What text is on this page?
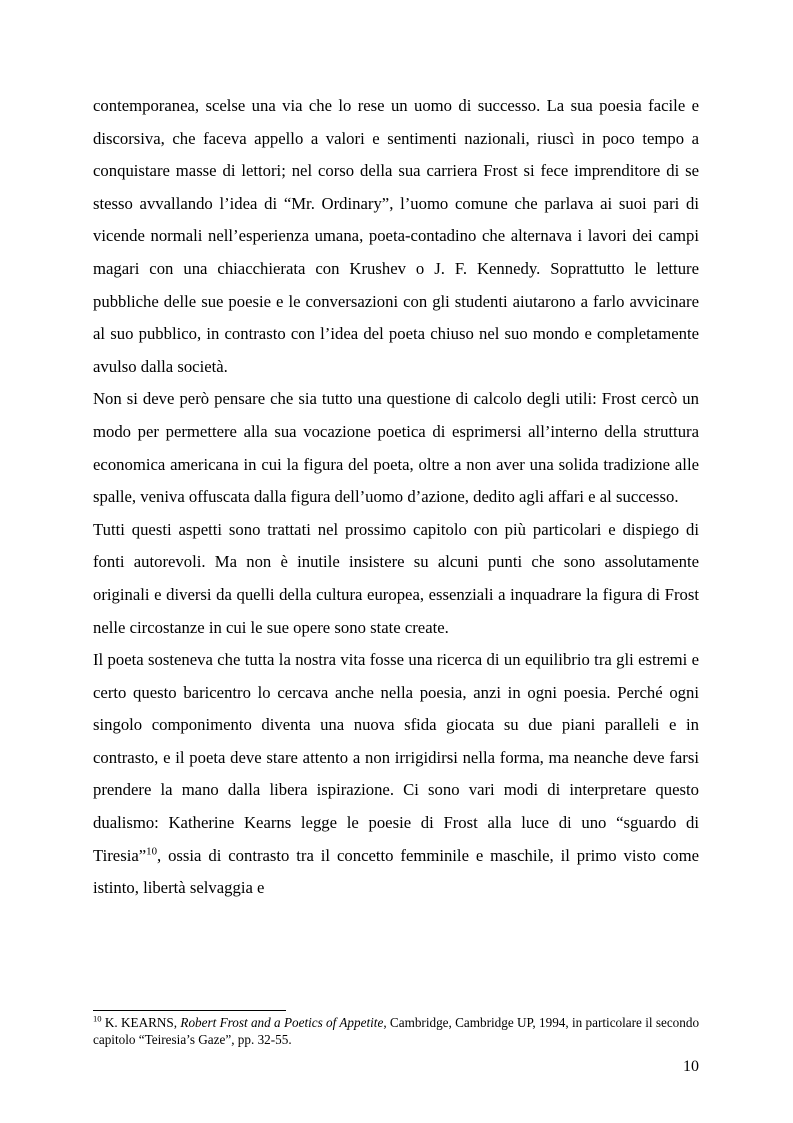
contemporanea, scelse una via che lo rese un uomo di successo. La sua poesia facile e discorsiva, che faceva appello a valori e sentimenti nazionali, riuscì in poco tempo a conquistare masse di lettori; nel corso della sua carriera Frost si fece imprenditore di se stesso avvallando l’idea di “Mr. Ordinary”, l’uomo comune che parlava ai suoi pari di vicende normali nell’esperienza umana, poeta-contadino che alternava i lavori dei campi magari con una chiacchierata con Krushev o J. F. Kennedy. Soprattutto le letture pubbliche delle sue poesie e le conversazioni con gli studenti aiutarono a farlo avvicinare al suo pubblico, in contrasto con l’idea del poeta chiuso nel suo mondo e completamente avulso dalla società.

Non si deve però pensare che sia tutto una questione di calcolo degli utili: Frost cercò un modo per permettere alla sua vocazione poetica di esprimersi all’interno della struttura economica americana in cui la figura del poeta, oltre a non aver una solida tradizione alle spalle, veniva offuscata dalla figura dell’uomo d’azione, dedito agli affari e al successo.

Tutti questi aspetti sono trattati nel prossimo capitolo con più particolari e dispiego di fonti autorevoli. Ma non è inutile insistere su alcuni punti che sono assolutamente originali e diversi da quelli della cultura europea, essenziali a inquadrare la figura di Frost nelle circostanze in cui le sue opere sono state create.

Il poeta sosteneva che tutta la nostra vita fosse una ricerca di un equilibrio tra gli estremi e certo questo baricentro lo cercava anche nella poesia, anzi in ogni poesia. Perché ogni singolo componimento diventa una nuova sfida giocata su due piani paralleli e in contrasto, e il poeta deve stare attento a non irrigidirsi nella forma, ma neanche deve farsi prendere la mano dalla libera ispirazione. Ci sono vari modi di interpretare questo dualismo: Katherine Kearns legge le poesie di Frost alla luce di uno “sguardo di Tiresia”$^{10}$, ossia di contrasto tra il concetto femminile e maschile, il primo visto come istinto, libertà selvaggia e

$^{10}$ K. KEARNS, Robert Frost and a Poetics of Appetite, Cambridge, Cambridge UP, 1994, in particolare il secondo capitolo “Teiresia’s Gaze”, pp. 32-55.

10
